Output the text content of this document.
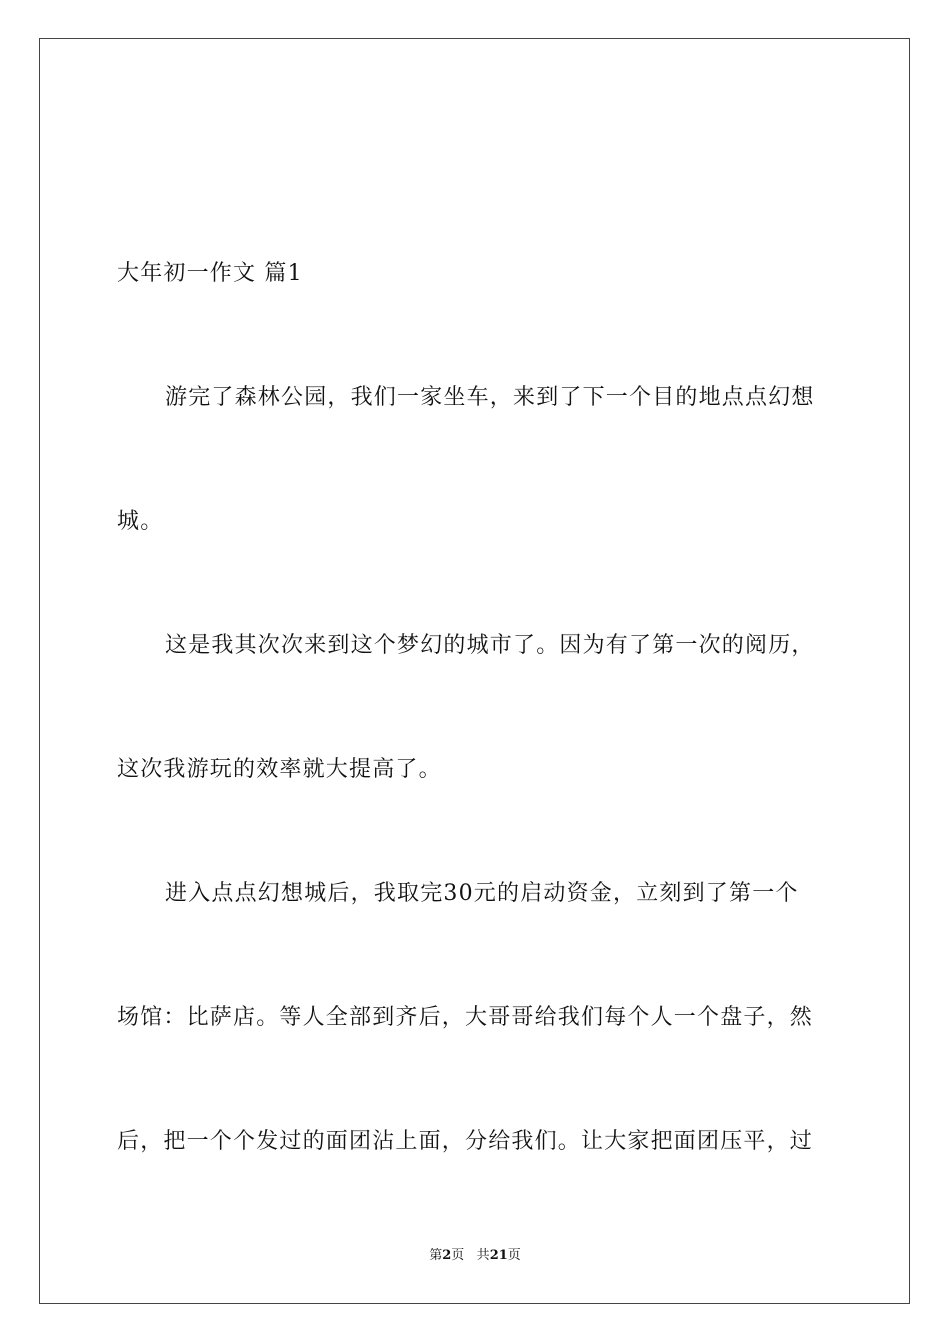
大年初一作文 篇1
游完了森林公园，我们一家坐车，来到了下一个目的地点点幻想
城。
这是我其次次来到这个梦幻的城市了。因为有了第一次的阅历，
这次我游玩的效率就大提高了。
进入点点幻想城后，我取完30元的启动资金，立刻到了第一个
场馆：比萨店。等人全部到齐后，大哥哥给我们每个人一个盘子，然
后，把一个个发过的面团沾上面，分给我们。让大家把面团压平，过
第2页 共21页
